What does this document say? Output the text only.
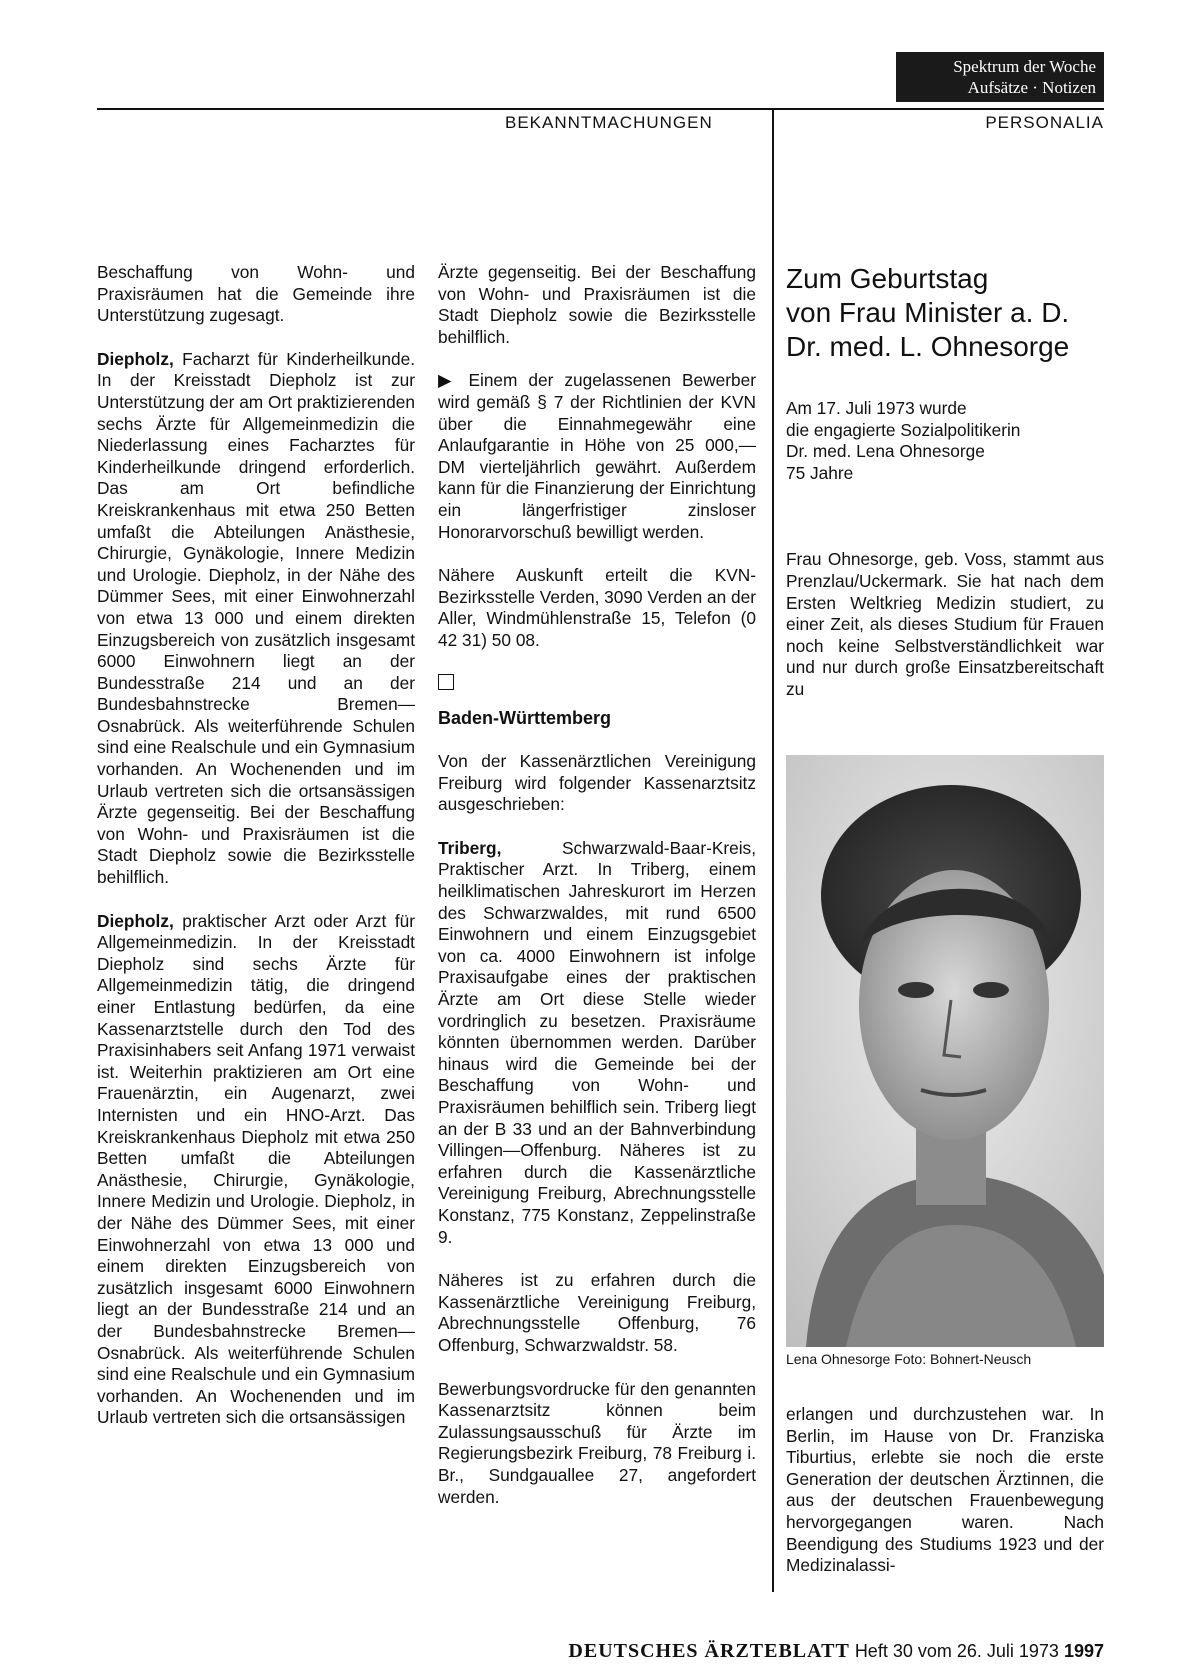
Spektrum der Woche
Aufsätze · Notizen
BEKANNTMACHUNGEN	PERSONALIA

Beschaffung von Wohn- und Praxisräumen hat die Gemeinde ihre Unterstützung zugesagt.

Diepholz, Facharzt für Kinderheilkunde. In der Kreisstadt Diepholz ist zur Unterstützung der am Ort praktizierenden sechs Ärzte für Allgemeinmedizin die Niederlassung eines Facharztes für Kinderheilkunde dringend erforderlich. Das am Ort befindliche Kreiskrankenhaus mit etwa 250 Betten umfaßt die Abteilungen Anästhesie, Chirurgie, Gynäkologie, Innere Medizin und Urologie. Diepholz, in der Nähe des Dümmer Sees, mit einer Einwohnerzahl von etwa 13 000 und einem direkten Einzugsbereich von zusätzlich insgesamt 6000 Einwohnern liegt an der Bundesstraße 214 und an der Bundesbahnstrecke Bremen—Osnabrück. Als weiterführende Schulen sind eine Realschule und ein Gymnasium vorhanden. An Wochenenden und im Urlaub vertreten sich die ortsansässigen Ärzte gegenseitig. Bei der Beschaffung von Wohn- und Praxisräumen ist die Stadt Diepholz sowie die Bezirksstelle behilflich.

Diepholz, praktischer Arzt oder Arzt für Allgemeinmedizin. In der Kreisstadt Diepholz sind sechs Ärzte für Allgemeinmedizin tätig, die dringend einer Entlastung bedürfen, da eine Kassenarztstelle durch den Tod des Praxisinhabers seit Anfang 1971 verwaist ist. Weiterhin praktizieren am Ort eine Frauenärztin, ein Augenarzt, zwei Internisten und ein HNO-Arzt. Das Kreiskrankenhaus Diepholz mit etwa 250 Betten umfaßt die Abteilungen Anästhesie, Chirurgie, Gynäkologie, Innere Medizin und Urologie. Diepholz, in der Nähe des Dümmer Sees, mit einer Einwohnerzahl von etwa 13 000 und einem direkten Einzugsbereich von zusätzlich insgesamt 6000 Einwohnern liegt an der Bundesstraße 214 und an der Bundesbahnstrecke Bremen—Osnabrück. Als weiterführende Schulen sind eine Realschule und ein Gymnasium vorhanden. An Wochenenden und im Urlaub vertreten sich die ortsansässigen

Ärzte gegenseitig. Bei der Beschaffung von Wohn- und Praxisräumen ist die Stadt Diepholz sowie die Bezirksstelle behilflich.

▶ Einem der zugelassenen Bewerber wird gemäß § 7 der Richtlinien der KVN über die Einnahmegewähr eine Anlaufgarantie in Höhe von 25 000,— DM vierteljährlich gewährt. Außerdem kann für die Finanzierung der Einrichtung ein längerfristiger zinsloser Honorarvorschuß bewilligt werden.

Nähere Auskunft erteilt die KVN-Bezirksstelle Verden, 3090 Verden an der Aller, Windmühlenstraße 15, Telefon (0 42 31) 50 08.

Baden-Württemberg

Von der Kassenärztlichen Vereinigung Freiburg wird folgender Kassenarztsitz ausgeschrieben:

Triberg, Schwarzwald-Baar-Kreis, Praktischer Arzt. In Triberg, einem heilklimatischen Jahreskurort im Herzen des Schwarzwaldes, mit rund 6500 Einwohnern und einem Einzugsgebiet von ca. 4000 Einwohnern ist infolge Praxisaufgabe eines der praktischen Ärzte am Ort diese Stelle wieder vordringlich zu besetzen. Praxisräume könnten übernommen werden. Darüber hinaus wird die Gemeinde bei der Beschaffung von Wohn- und Praxisräumen behilflich sein. Triberg liegt an der B 33 und an der Bahnverbindung Villingen—Offenburg. Näheres ist zu erfahren durch die Kassenärztliche Vereinigung Freiburg, Abrechnungsstelle Konstanz, 775 Konstanz, Zeppelinstraße 9.

Näheres ist zu erfahren durch die Kassenärztliche Vereinigung Freiburg, Abrechnungsstelle Offenburg, 76 Offenburg, Schwarzwaldstr. 58.

Bewerbungsvordrucke für den genannten Kassenarztsitz können beim Zulassungsausschuß für Ärzte im Regierungsbezirk Freiburg, 78 Freiburg i. Br., Sundgauallee 27, angefordert werden.

Zum Geburtstag
von Frau Minister a. D.
Dr. med. L. Ohnesorge
Am 17. Juli 1973 wurde
die engagierte Sozialpolitikerin
Dr. med. Lena Ohnesorge
75 Jahre

Frau Ohnesorge, geb. Voss, stammt aus Prenzlau/Uckermark. Sie hat nach dem Ersten Weltkrieg Medizin studiert, zu einer Zeit, als dieses Studium für Frauen noch keine Selbstverständlichkeit war und nur durch große Einsatzbereitschaft zu

Lena Ohnesorge Foto: Bohnert-Neusch

erlangen und durchzustehen war. In Berlin, im Hause von Dr. Franziska Tiburtius, erlebte sie noch die erste Generation der deutschen Ärztinnen, die aus der deutschen Frauenbewegung hervorgegangen waren. Nach Beendigung des Studiums 1923 und der Medizinalassi-

DEUTSCHES ÄRZTEBLATT Heft 30 vom 26. Juli 1973 1997
